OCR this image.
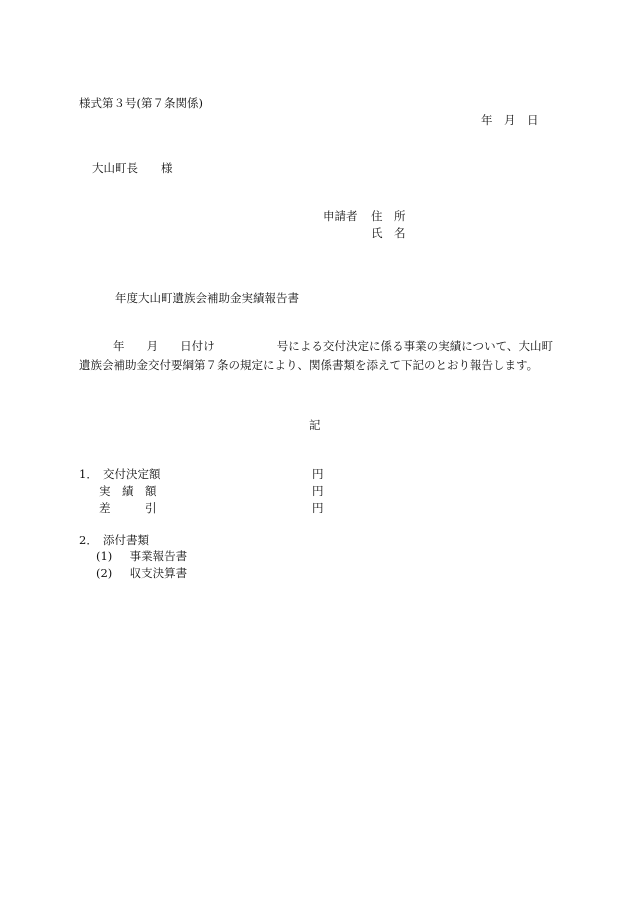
様式第３号(第７条関係)
年　月　日
大山町長　　様
申請者 住　所
氏　名
年度大山町遺族会補助金実績報告書
年 月 日付け	号による交付決定に係る事業の実績について、大山町遺族会補助金交付要綱第７条の規定により、関係書類を添えて下記のとおり報告します。
記
1． 交付決定額	円
実　績　額	円
差　　　引	円
2． 添付書類
(1) 事業報告書
(2) 収支決算書
